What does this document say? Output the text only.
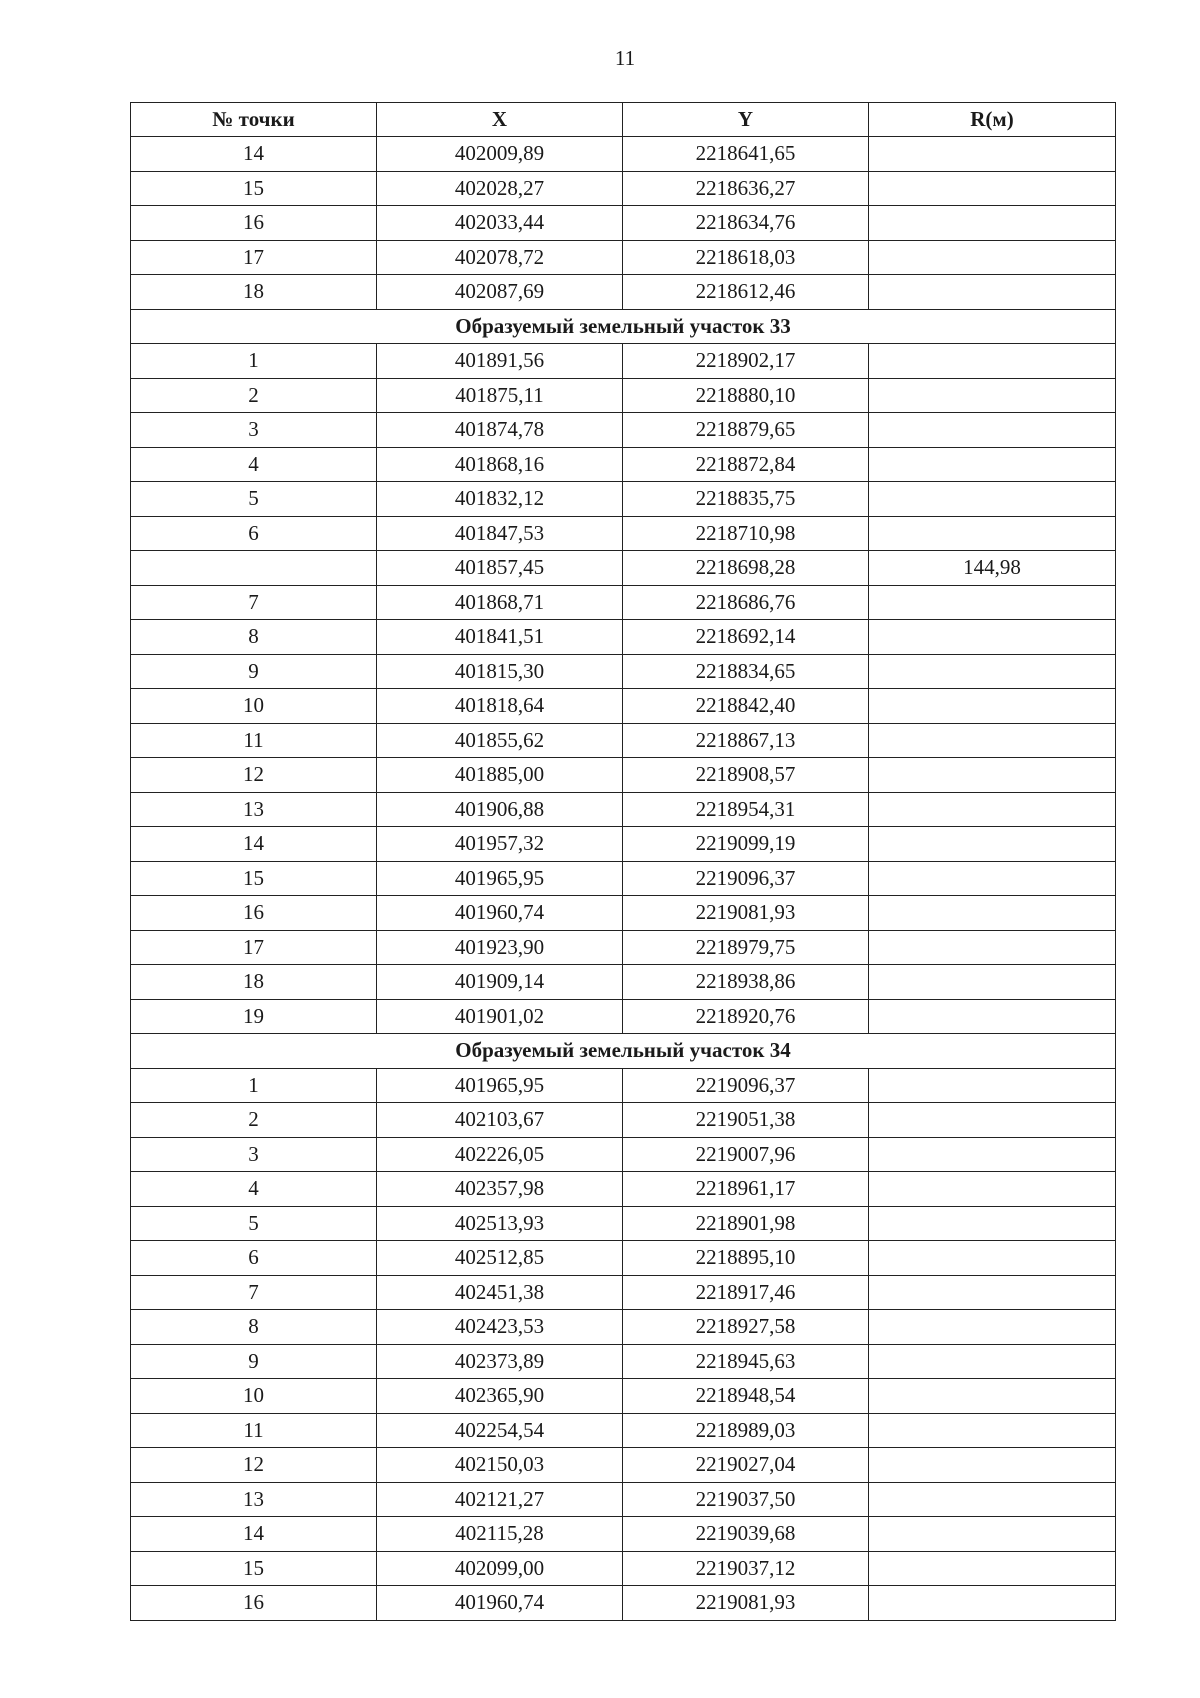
11
№ точки	X	Y	R(м)
14	402009,89	2218641,65	
15	402028,27	2218636,27	
16	402033,44	2218634,76	
17	402078,72	2218618,03	
18	402087,69	2218612,46	
Образуемый земельный участок 33			
1	401891,56	2218902,17	
2	401875,11	2218880,10	
3	401874,78	2218879,65	
4	401868,16	2218872,84	
5	401832,12	2218835,75	
6	401847,53	2218710,98	
	401857,45	2218698,28	144,98
7	401868,71	2218686,76	
8	401841,51	2218692,14	
9	401815,30	2218834,65	
10	401818,64	2218842,40	
11	401855,62	2218867,13	
12	401885,00	2218908,57	
13	401906,88	2218954,31	
14	401957,32	2219099,19	
15	401965,95	2219096,37	
16	401960,74	2219081,93	
17	401923,90	2218979,75	
18	401909,14	2218938,86	
19	401901,02	2218920,76	
Образуемый земельный участок 34			
1	401965,95	2219096,37	
2	402103,67	2219051,38	
3	402226,05	2219007,96	
4	402357,98	2218961,17	
5	402513,93	2218901,98	
6	402512,85	2218895,10	
7	402451,38	2218917,46	
8	402423,53	2218927,58	
9	402373,89	2218945,63	
10	402365,90	2218948,54	
11	402254,54	2218989,03	
12	402150,03	2219027,04	
13	402121,27	2219037,50	
14	402115,28	2219039,68	
15	402099,00	2219037,12	
16	401960,74	2219081,93	
